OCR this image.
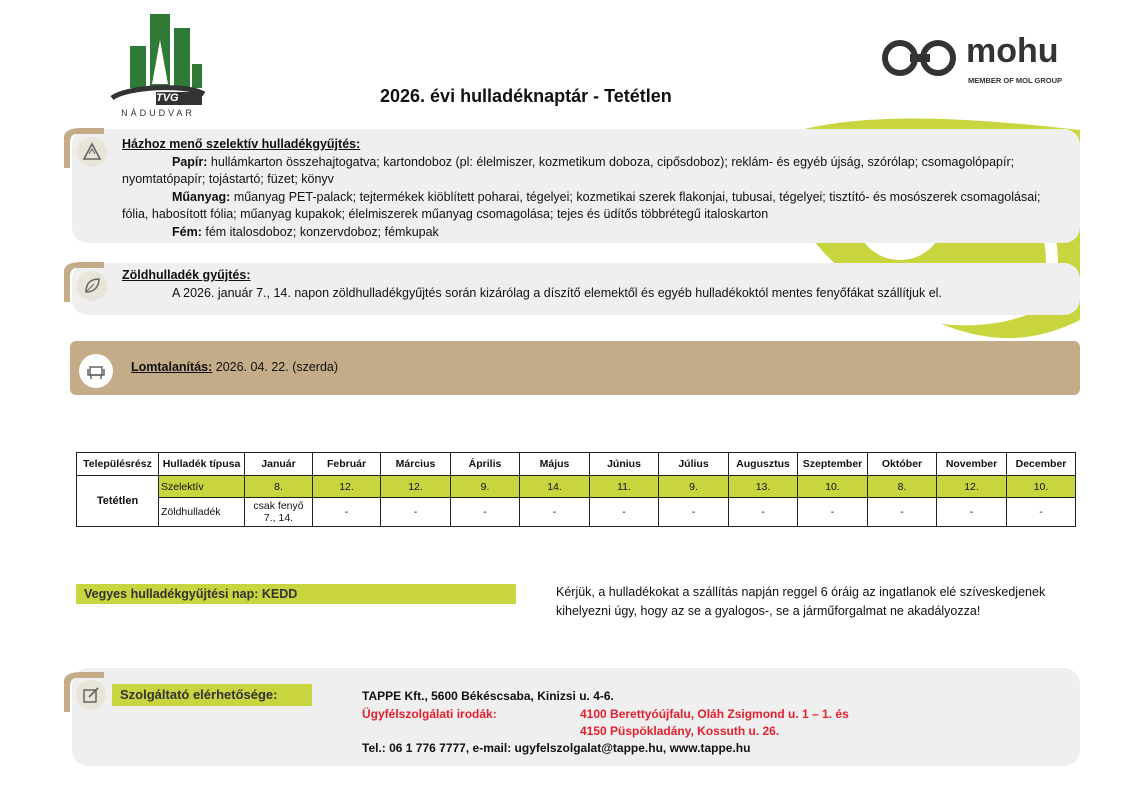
TVG
NÁDUDVAR
2026. évi hulladéknaptár - Tetétlen
mohu
MEMBER OF MOL GROUP
Házhoz menő szelektív hulladékgyűjtés:
Papír: hullámkarton összehajtogatva; kartondoboz (pl: élelmiszer, kozmetikum doboza, cipősdoboz); reklám- és egyéb újság, szórólap; csomagolópapír; nyomtatópapír; tojástartó; füzet; könyv
Műanyag: műanyag PET-palack; tejtermékek kiöblített poharai, tégelyei; kozmetikai szerek flakonjai, tubusai, tégelyei; tisztító- és mosószerek csomagolásai; fólia, habosított fólia; műanyag kupakok; élelmiszerek műanyag csomagolása; tejes és üdítős többrétegű italoskarton
Fém: fém italosdoboz; konzervdoboz; fémkupak
Zöldhulladék gyűjtés:
A 2026. január 7., 14. napon zöldhulladékgyűjtés során kizárólag a díszítő elemektől és egyéb hulladékoktól mentes fenyőfákat szállítjuk el.
Lomtalanítás: 2026. 04. 22. (szerda)
Településrész	Hulladék típusa	Január	Február	Március	Április	Május	Június	Július	Augusztus	Szeptember	Október	November	December
Tetétlen	Szelektív	8.	12.	12.	9.	14.	11.	9.	13.	10.	8.	12.	10.
	Zöldhulladék	csak fenyő 7., 14.	-	-	-	-	-	-	-	-	-	-	-
Vegyes hulladékgyűjtési nap: KEDD	Kérjük, a hulladékokat a szállítás napján reggel 6 óráig az ingatlanok elé szíveskedjenek kihelyezni úgy, hogy az se a gyalogos-, se a járműforgalmat ne akadályozza!
Szolgáltató elérhetősége:	TAPPE Kft., 5600 Békéscsaba, Kinizsi u. 4-6.
Ügyfélszolgálati irodák:	4100 Berettyóújfalu, Oláh Zsigmond u. 1 – 1. és
4150 Püspökladány, Kossuth u. 26.
Tel.: 06 1 776 7777, e-mail: ugyfelszolgalat@tappe.hu, www.tappe.hu
